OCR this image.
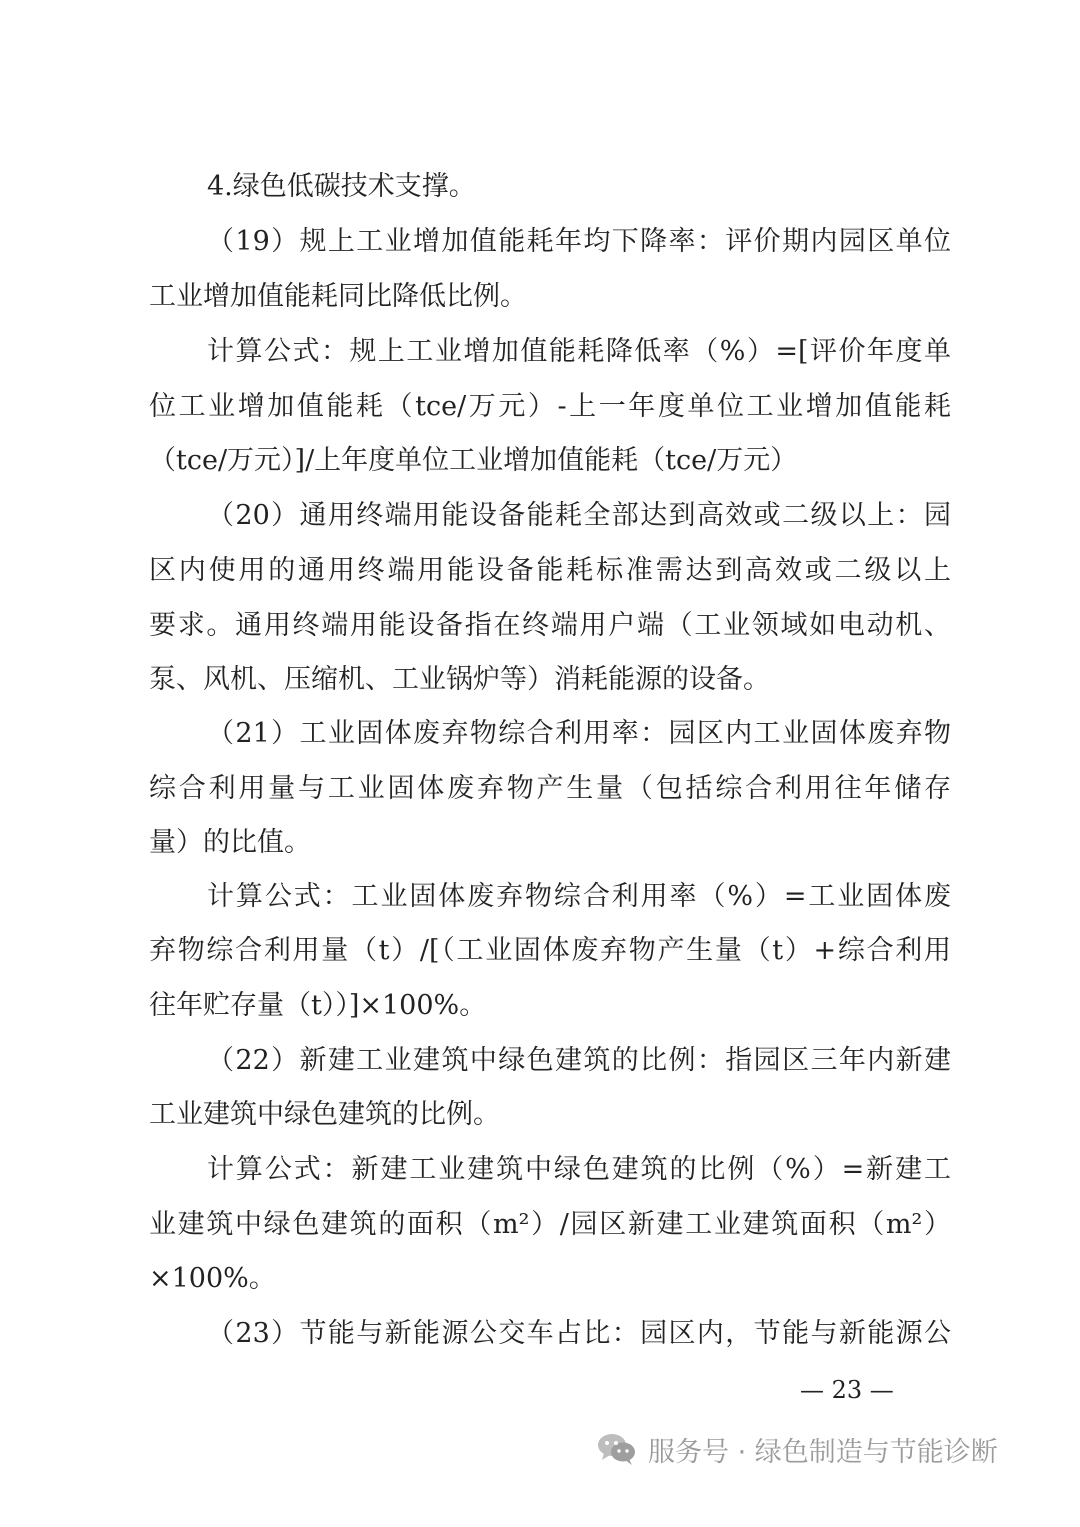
4.绿色低碳技术支撑。
（19）规上工业增加值能耗年均下降率：评价期内园区单位
工业增加值能耗同比降低比例。
计算公式：规上工业增加值能耗降低率（%）=[评价年度单
位工业增加值能耗（tce/万元）-上一年度单位工业增加值能耗
（tce/万元）]/上年度单位工业增加值能耗（tce/万元）
（20）通用终端用能设备能耗全部达到高效或二级以上：园
区内使用的通用终端用能设备能耗标准需达到高效或二级以上
要求。通用终端用能设备指在终端用户端（工业领域如电动机、
泵、风机、压缩机、工业锅炉等）消耗能源的设备。
（21）工业固体废弃物综合利用率：园区内工业固体废弃物
综合利用量与工业固体废弃物产生量（包括综合利用往年储存
量）的比值。
计算公式：工业固体废弃物综合利用率（%）=工业固体废
弃物综合利用量（t）/[（工业固体废弃物产生量（t）+综合利用
往年贮存量（t））]×100%。
（22）新建工业建筑中绿色建筑的比例：指园区三年内新建
工业建筑中绿色建筑的比例。
计算公式：新建工业建筑中绿色建筑的比例（%）=新建工
业建筑中绿色建筑的面积（m²）/园区新建工业建筑面积（m²）
×100%。
（23）节能与新能源公交车占比：园区内，节能与新能源公
— 23 —
服务号 · 绿色制造与节能诊断
